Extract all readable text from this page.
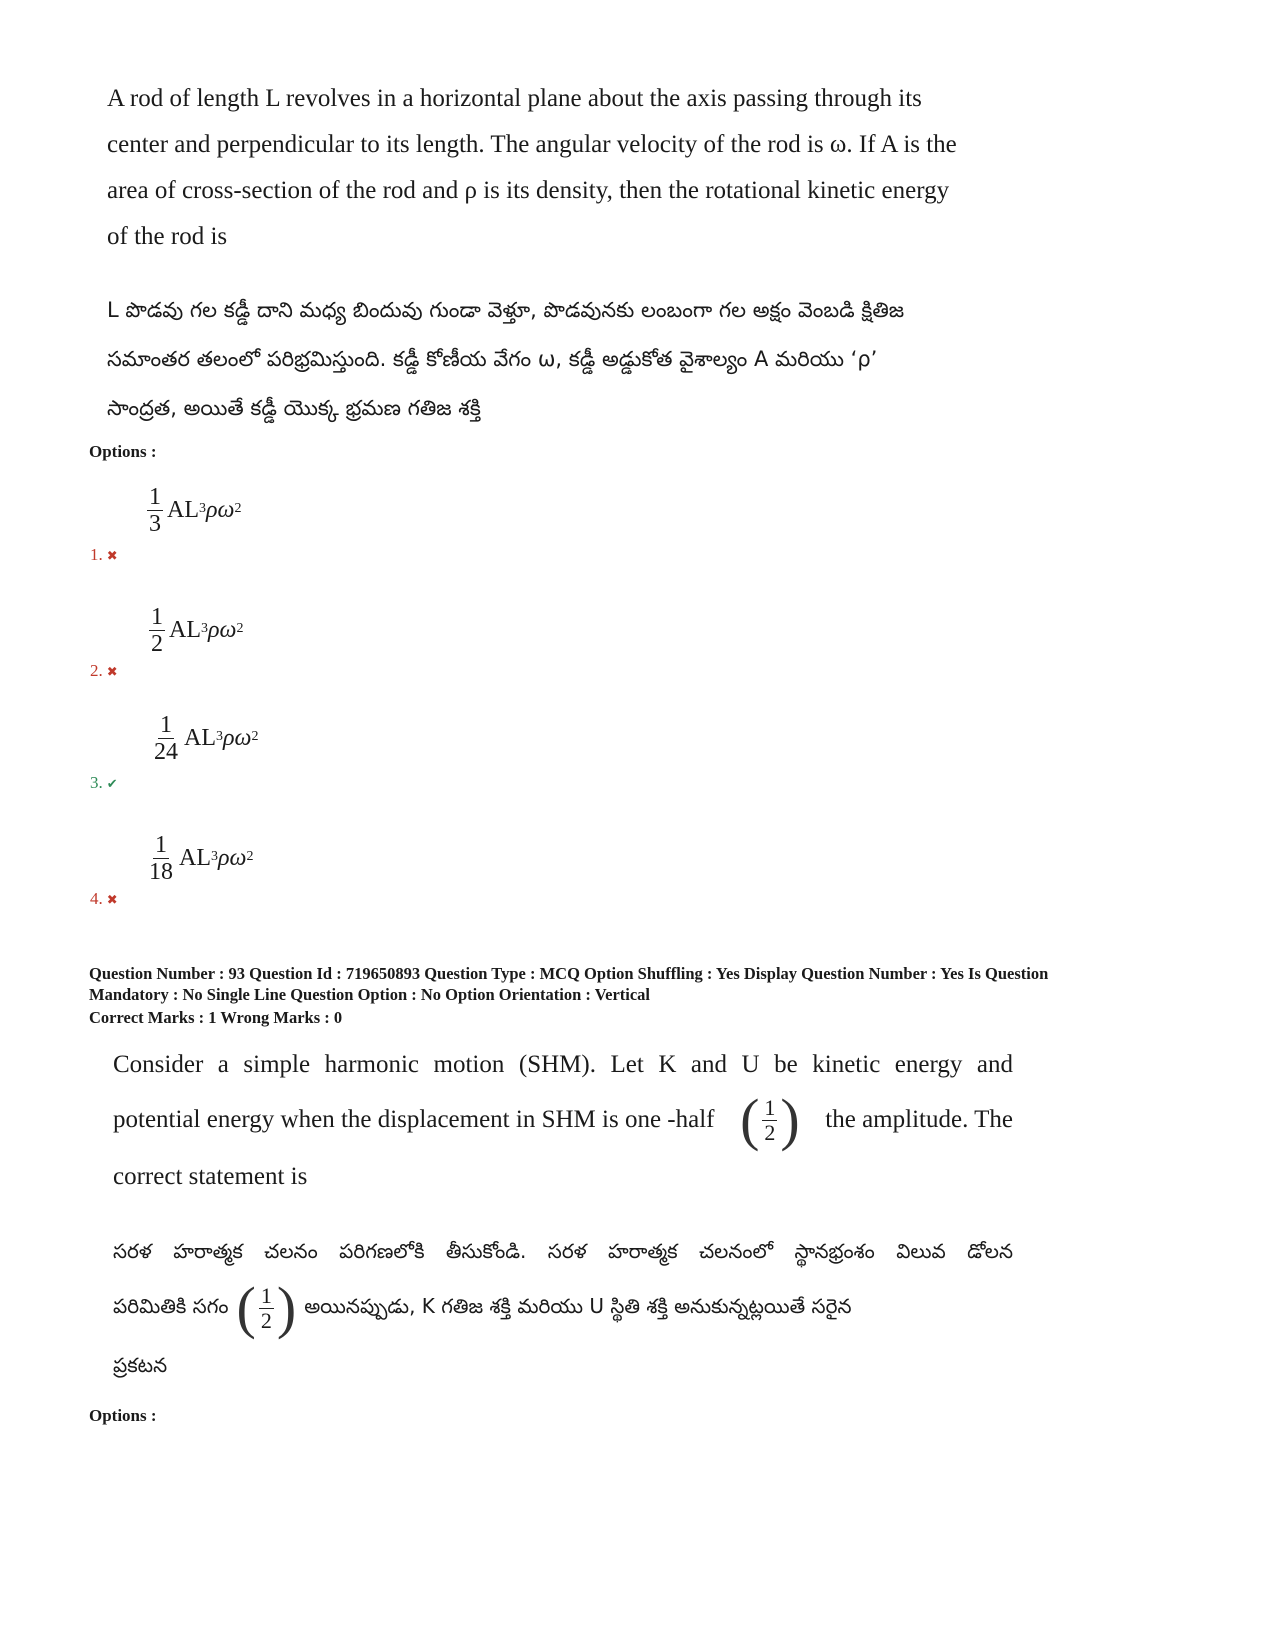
A rod of length L revolves in a horizontal plane about the axis passing through its

center and perpendicular to its length. The angular velocity of the rod is ω. If A is the

area of cross-section of the rod and ρ is its density, then the rotational kinetic energy

of the rod is

L పొడవు గల కడ్డీ దాని మధ్య బిందువు గుండా వెళ్తూ, పొడవునకు లంబంగా గల అక్షం వెంబడి క్షితిజ
సమాంతర తలంలో పరిభ్రమిస్తుంది. కడ్డీ కోణీయ వేగం ω, కడ్డీ అడ్డుకోత వైశాల్యం A మరియు ‘ρ’
సాంద్రత, అయితే కడ్డీ యొక్క భ్రమణ గతిజ శక్తి
Options :
$\frac{1}{3}$ AL 3 ρω 2
1. ✖
$\frac{1}{2}$ AL 3 ρω 2
2. ✖
$\frac{1}{24}$ AL 3 ρω 2
3. ✔
$\frac{1}{18}$ AL 3 ρω 2
4. ✖
Question Number : 93 Question Id : 719650893 Question Type : MCQ Option Shuffling : Yes Display Question Number : Yes Is Question
Mandatory : No Single Line Question Option : No Option Orientation : Vertical
Correct Marks : 1 Wrong Marks : 0
Consider a simple harmonic motion (SHM). Let K and U be kinetic energy and
potential energy when the displacement in SHM is one -half ( $\frac{1}{2}$ ) the amplitude. The
correct statement is
సరళ హరాత్మక చలనం పరిగణలోకి తీసుకోండి. సరళ హరాత్మక చలనంలో స్థానభ్రంశం విలువ డోలన
పరిమితికి సగం ( $\frac{1}{2}$ ) అయినప్పుడు, K గతిజ శక్తి మరియు U స్థితి శక్తి అనుకున్నట్లయితే సరైన
ప్రకటన
Options :
